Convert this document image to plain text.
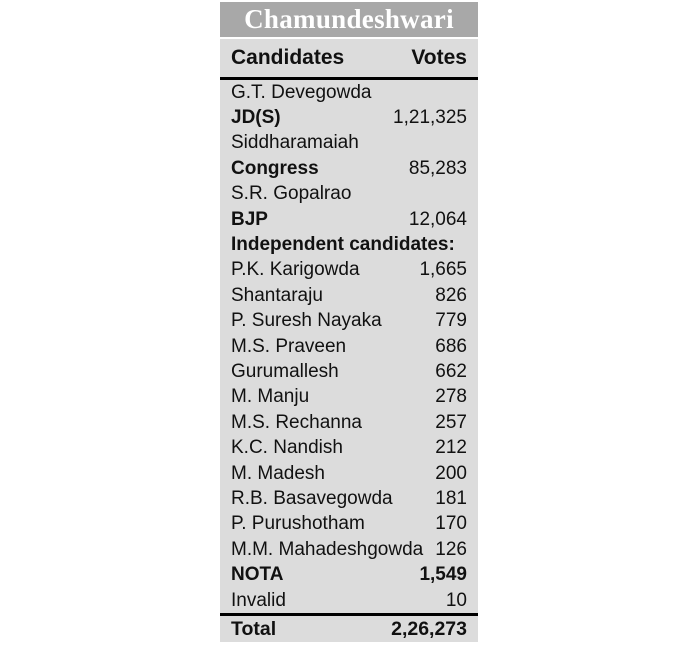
Chamundeshwari
Candidates	Votes
G.T. Devegowda
JD(S)	1,21,325
Siddharamaiah
Congress	85,283
S.R. Gopalrao
BJP	12,064
Independent candidates:
P.K. Karigowda	1,665
Shantaraju	826
P. Suresh Nayaka	779
M.S. Praveen	686
Gurumallesh	662
M. Manju	278
M.S. Rechanna	257
K.C. Nandish	212
M. Madesh	200
R.B. Basavegowda 181
P. Purushotham	170
M.M. Mahadeshgowda 126
NOTA	1,549
Invalid	10
Total	2,26,273
